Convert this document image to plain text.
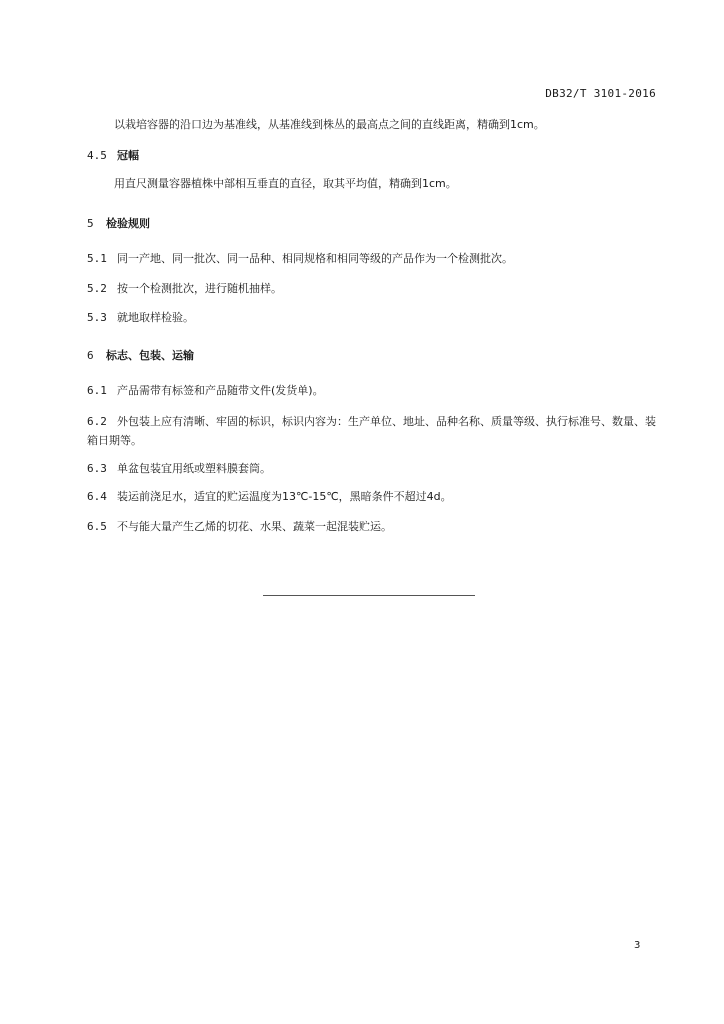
DB32/T 3101-2016
以栽培容器的沿口边为基准线，从基准线到株丛的最高点之间的直线距离，精确到1cm。
4.5 冠幅
用直尺测量容器植株中部相互垂直的直径，取其平均值，精确到1cm。
5 检验规则
5.1 同一产地、同一批次、同一品种、相同规格和相同等级的产品作为一个检测批次。
5.2 按一个检测批次，进行随机抽样。
5.3 就地取样检验。
6 标志、包装、运输
6.1 产品需带有标签和产品随带文件(发货单)。
6.2 外包装上应有清晰、牢固的标识，标识内容为：生产单位、地址、品种名称、质量等级、执行标准号、数量、装箱日期等。
6.3 单盆包装宜用纸或塑料膜套筒。
6.4 装运前浇足水，适宜的贮运温度为13℃-15℃，黑暗条件不超过4d。
6.5 不与能大量产生乙烯的切花、水果、蔬菜一起混装贮运。
3
